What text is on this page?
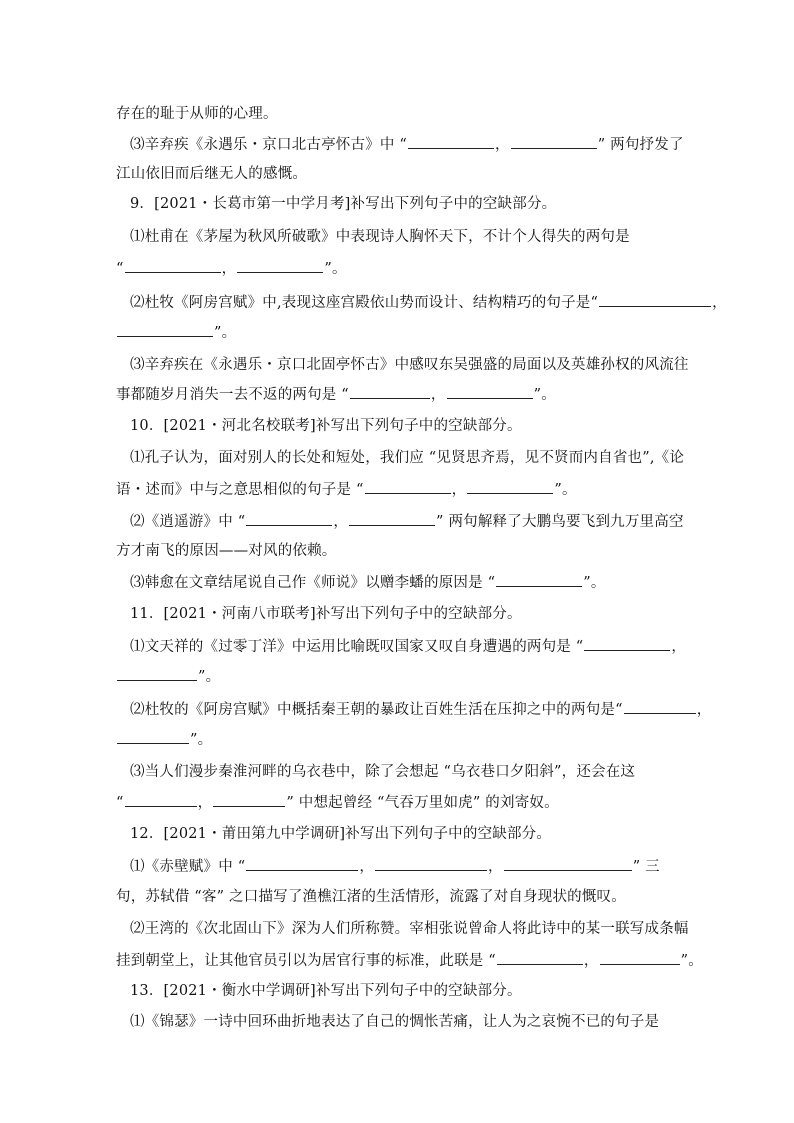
存在的耻于从师的心理。
⑶辛弃疾《永遇乐・京口北古亭怀古》中 “	，	” 两句抒发了
江山依旧而后继无人的感慨。
9．[2021・长葛市第一中学月考]补写出下列句子中的空缺部分。
⑴杜甫在《茅屋为秋风所破歌》中表现诗人胸怀天下，不计个人得失的两句是
“	，	”。
⑵杜牧《阿房宫赋》中,表现这座宫殿依山势而设计、结构精巧的句子是“	，
”。
⑶辛弃疾在《永遇乐・京口北固亭怀古》中感叹东吴强盛的局面以及英雄孙权的风流往
事都随岁月消失一去不返的两句是 “	，	”。
10．[2021・河北名校联考]补写出下列句子中的空缺部分。
⑴孔子认为，面对别人的长处和短处，我们应 “见贤思齐焉，见不贤而内自省也”,《论
语・述而》中与之意思相似的句子是 “	，	”。
⑵《逍遥游》中 “	，	” 两句解释了大鹏鸟要飞到九万里高空
方才南飞的原因——对风的依赖。
⑶韩愈在文章结尾说自己作《师说》以赠李蟠的原因是 “	”。
11．[2021・河南八市联考]补写出下列句子中的空缺部分。
⑴文天祥的《过零丁洋》中运用比喻既叹国家又叹自身遭遇的两句是 “	，
”。
⑵杜牧的《阿房宫赋》中概括秦王朝的暴政让百姓生活在压抑之中的两句是“	，
”。
⑶当人们漫步秦淮河畔的乌衣巷中，除了会想起 “乌衣巷口夕阳斜”，还会在这
“	，	” 中想起曾经 “气吞万里如虎” 的刘寄奴。
12．[2021・莆田第九中学调研]补写出下列句子中的空缺部分。
⑴《赤壁赋》中 “	，	，	” 三
句，苏轼借 “客” 之口描写了渔樵江渚的生活情形，流露了对自身现状的慨叹。
⑵王湾的《次北固山下》深为人们所称赞。宰相张说曾命人将此诗中的某一联写成条幅
挂到朝堂上，让其他官员引以为居官行事的标准，此联是 “	，	”。
13．[2021・衡水中学调研]补写出下列句子中的空缺部分。
⑴《锦瑟》一诗中回环曲折地表达了自己的惆怅苦痛，让人为之哀惋不已的句子是
